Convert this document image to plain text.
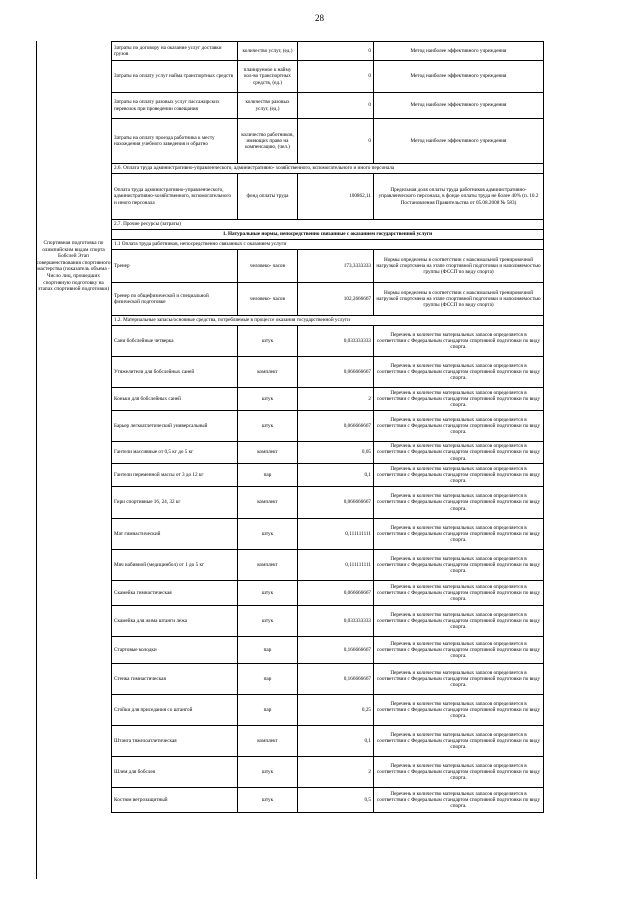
28
Спортивная подготовка по олимпийским видам спорта Бобслей Этап совершенствования спортивного мастерства (показатель объема - Число лиц, прошедших спортивную подготовку на этапах спортивной подготовки)
Затраты по договору на оказание услуг доставки грузов	количество услуг, (ед.)	0	Метод наиболее эффективного учреждения
Затраты на оплату услуг найма транспортных средств	планируемое к найму кол-во транспортных средств, (ед.)	0	Метод наиболее эффективного учреждения
Затраты на оплату разовых услуг пассажирских перевозок при проведении совещания	количество разовых услуг, (ед.)	0	Метод наиболее эффективного учреждения
Затраты на оплату проезда работника к месту нахождения учебного заведения и обратно	количество работников, имеющих право на компенсацию, (чел.)	0	Метод наиболее эффективного учреждения
2.6. Оплата труда административно-управленческого, административно- хозяйственного, вспомогательного и иного персонала			
Оплата труда административно-управленческого, административно-хозяйственного, вспомогательного и иного персонала	фонд оплаты труда	100862,11	Предельная доля оплаты труда работников административно- управленческого персонала, в фонде оплаты труда не более 40% (п. 10.2 Постановления Правительства от 05.08.2008 № 583)
2.7. Прочие ресурсы (затраты)			
1. Натуральные нормы, непосредственно связанные с оказанием государственной услуги			
1.1 Оплата труда работников, непосредственно связанных с оказанием услуги			
Тренер	человеко- часов	173,3333333	Нормы определены в соответствии с максимальной тренировочной нагрузкой спортсмена на этапе спортивной подготовки и наполняемостью группы (ФССП по виду спорта)
Тренер по общефизической и специальной физической подготовке	человеко- часов	102,2666667	Нормы определены в соответствии с максимальной тренировочной нагрузкой спортсмена на этапе спортивной подготовки и наполняемостью группы (ФССП по виду спорта)
1.2. Материальные запасы/основные средства, потребляемые в процессе оказания государственной услуги			
Сани бобслейные четверка	штук	0,033333333	Перечень и количество материальных запасов определяется в соответствии с Федеральным стандартом спортивной подготовки по виду спорта.
Утяжелители для бобслейных саней	комплект	0,066666667	Перечень и количество материальных запасов определяется в соответствии с Федеральным стандартом спортивной подготовки по виду спорта.
Коньки для бобслейных саней	штук	2	Перечень и количество материальных запасов определяется в соответствии с Федеральным стандартом спортивной подготовки по виду спорта.
Барьер легкоатлетический универсальный	штук	0,066666667	Перечень и количество материальных запасов определяется в соответствии с Федеральным стандартом спортивной подготовки по виду спорта.
Гантели массивные от 0,5 кг до 5 кг	комплект	0,05	Перечень и количество материальных запасов определяется в соответствии с Федеральным стандартом спортивной подготовки по виду спорта.
Гантели переменной массы от 3 до 12 кг	пар	0,1	Перечень и количество материальных запасов определяется в соответствии с Федеральным стандартом спортивной подготовки по виду спорта.
Гири спортивные 16, 24, 32 кг	комплект	0,066666667	Перечень и количество материальных запасов определяется в соответствии с Федеральным стандартом спортивной подготовки по виду спорта.
Мат гимнастический	штук	0,111111111	Перечень и количество материальных запасов определяется в соответствии с Федеральным стандартом спортивной подготовки по виду спорта.
Мяч набивной (медицинбол) от 1 до 5 кг	комплект	0,111111111	Перечень и количество материальных запасов определяется в соответствии с Федеральным стандартом спортивной подготовки по виду спорта.
Скамейка гимнастическая	штук	0,066666667	Перечень и количество материальных запасов определяется в соответствии с Федеральным стандартом спортивной подготовки по виду спорта.
Скамейка для жима штанги лежа	штук	0,033333333	Перечень и количество материальных запасов определяется в соответствии с Федеральным стандартом спортивной подготовки по виду спорта.
Стартовые колодки	пар	0,166666667	Перечень и количество материальных запасов определяется в соответствии с Федеральным стандартом спортивной подготовки по виду спорта.
Стенка гимнастическая	пар	0,166666667	Перечень и количество материальных запасов определяется в соответствии с Федеральным стандартом спортивной подготовки по виду спорта.
Стойки для приседания со штангой	пар	0,25	Перечень и количество материальных запасов определяется в соответствии с Федеральным стандартом спортивной подготовки по виду спорта.
Штанга тяжелоатлетическая	комплект	0,1	Перечень и количество материальных запасов определяется в соответствии с Федеральным стандартом спортивной подготовки по виду спорта.
Шлем для бобслея	штук	2	Перечень и количество материальных запасов определяется в соответствии с Федеральным стандартом спортивной подготовки по виду спорта.
Костюм ветрозащитный	штук	0,5	Перечень и количество материальных запасов определяется в соответствии с Федеральным стандартом спортивной подготовки по виду спорта.
